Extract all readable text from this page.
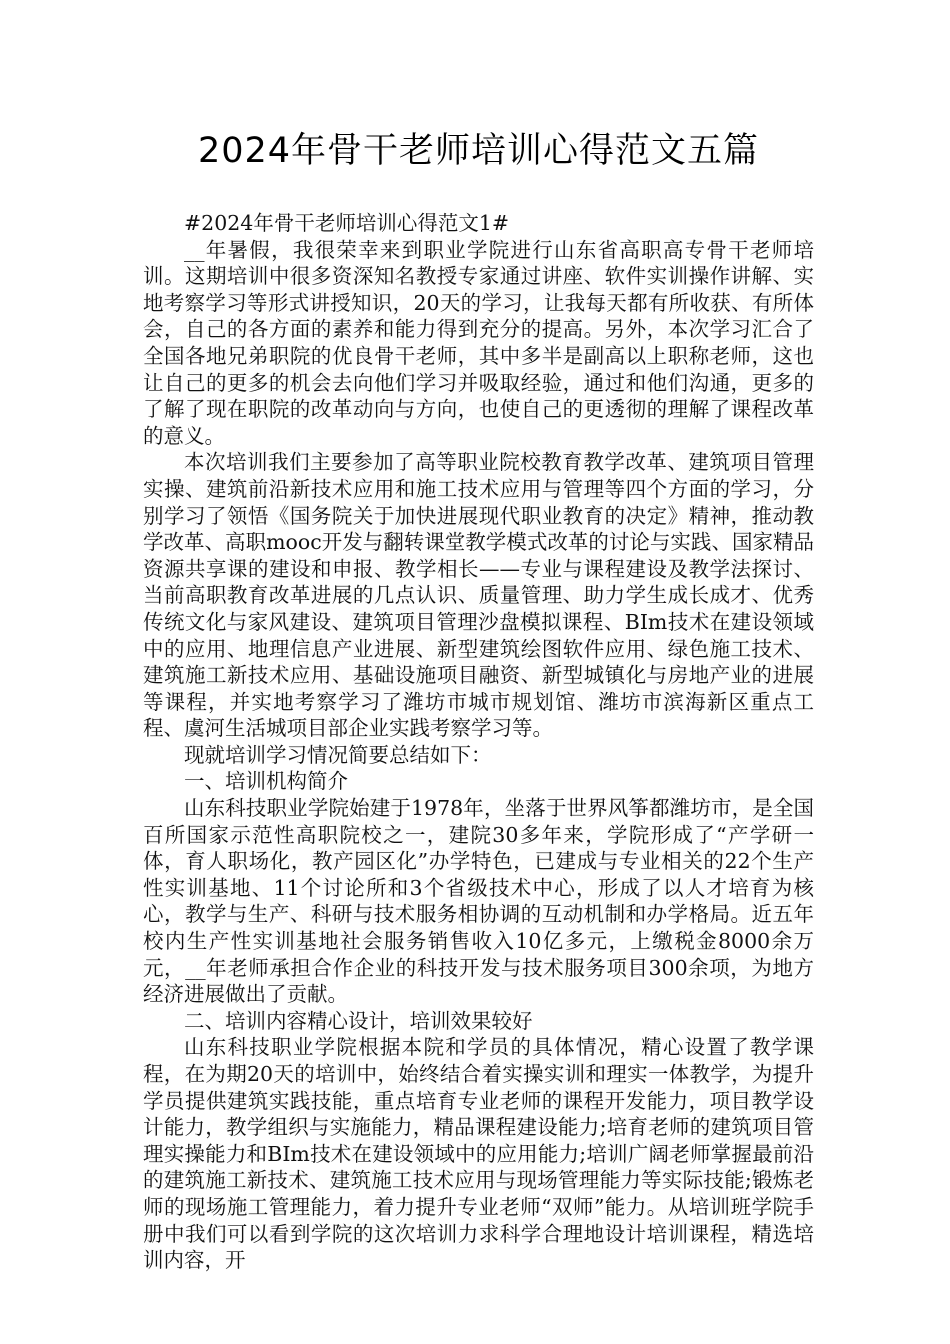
2024年骨干老师培训心得范文五篇

#2024年骨干老师培训心得范文1#

__年暑假，我很荣幸来到职业学院进行山东省高职高专骨干老师培训。这期培训中很多资深知名教授专家通过讲座、软件实训操作讲解、实地考察学习等形式讲授知识，20天的学习，让我每天都有所收获、有所体会，自己的各方面的素养和能力得到充分的提高。另外，本次学习汇合了全国各地兄弟职院的优良骨干老师，其中多半是副高以上职称老师，这也让自己的更多的机会去向他们学习并吸取经验，通过和他们沟通，更多的了解了现在职院的改革动向与方向，也使自己的更透彻的理解了课程改革的意义。

本次培训我们主要参加了高等职业院校教育教学改革、建筑项目管理实操、建筑前沿新技术应用和施工技术应用与管理等四个方面的学习，分别学习了领悟《国务院关于加快进展现代职业教育的决定》精神，推动教学改革、高职mooc开发与翻转课堂教学模式改革的讨论与实践、国家精品资源共享课的建设和申报、教学相长——专业与课程建设及教学法探讨、当前高职教育改革进展的几点认识、质量管理、助力学生成长成才、优秀传统文化与家风建设、建筑项目管理沙盘模拟课程、BIm技术在建设领域中的应用、地理信息产业进展、新型建筑绘图软件应用、绿色施工技术、建筑施工新技术应用、基础设施项目融资、新型城镇化与房地产业的进展等课程，并实地考察学习了潍坊市城市规划馆、潍坊市滨海新区重点工程、虞河生活城项目部企业实践考察学习等。

现就培训学习情况简要总结如下：

一、培训机构简介

山东科技职业学院始建于1978年，坐落于世界风筝都潍坊市，是全国百所国家示范性高职院校之一，建院30多年来，学院形成了“产学研一体，育人职场化，教产园区化”办学特色，已建成与专业相关的22个生产性实训基地、11个讨论所和3个省级技术中心，形成了以人才培育为核心，教学与生产、科研与技术服务相协调的互动机制和办学格局。近五年校内生产性实训基地社会服务销售收入10亿多元，上缴税金8000余万元，__年老师承担合作企业的科技开发与技术服务项目300余项，为地方经济进展做出了贡献。

二、培训内容精心设计，培训效果较好

山东科技职业学院根据本院和学员的具体情况，精心设置了教学课程，在为期20天的培训中，始终结合着实操实训和理实一体教学，为提升学员提供建筑实践技能，重点培育专业老师的课程开发能力，项目教学设计能力，教学组织与实施能力，精品课程建设能力;培育老师的建筑项目管理实操能力和BIm技术在建设领域中的应用能力;培训广阔老师掌握最前沿的建筑施工新技术、建筑施工技术应用与现场管理能力等实际技能;锻炼老师的现场施工管理能力，着力提升专业老师“双师”能力。从培训班学院手册中我们可以看到学院的这次培训力求科学合理地设计培训课程，精选培训内容，开
